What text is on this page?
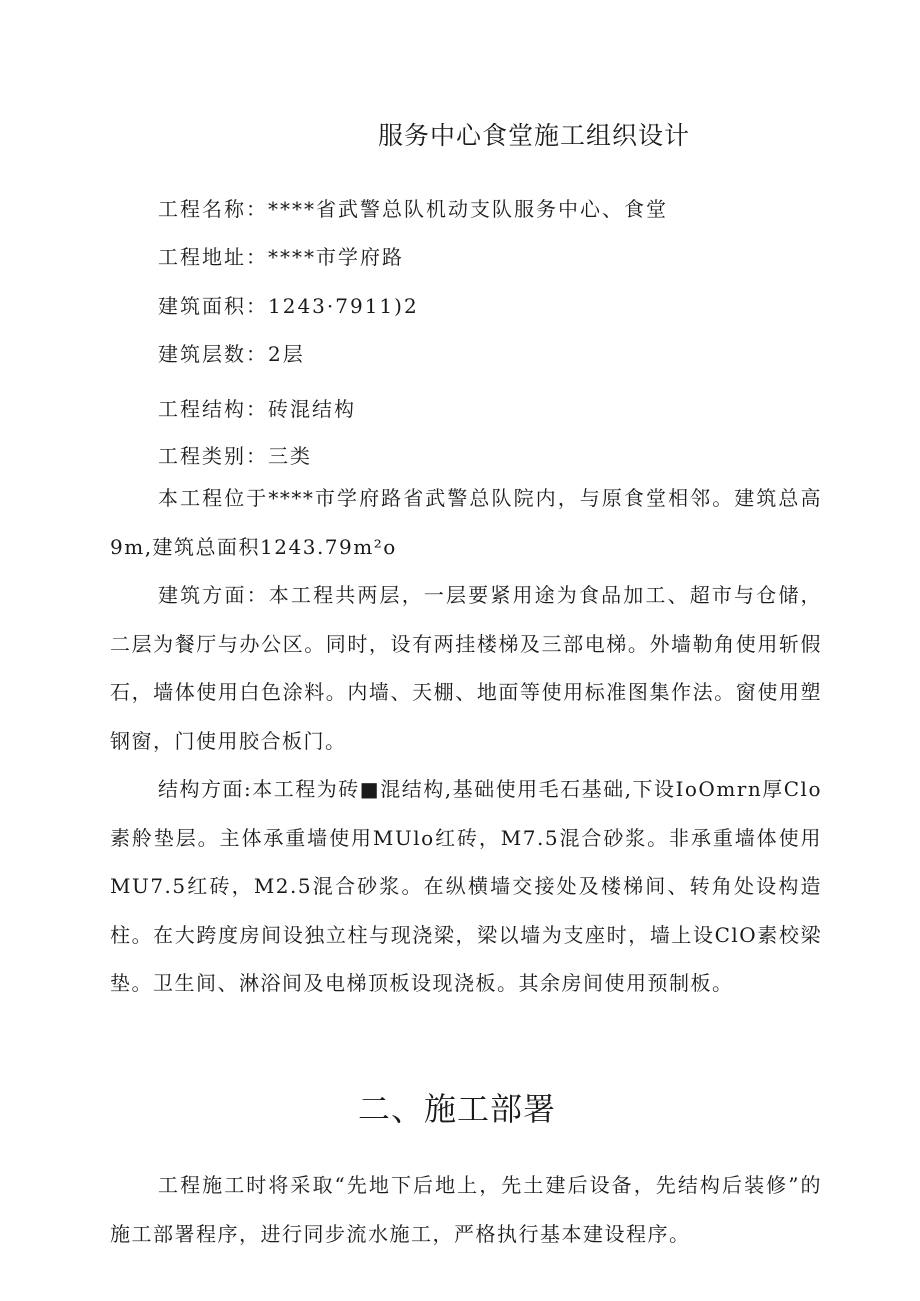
服务中心食堂施工组织设计
工程名称：****省武警总队机动支队服务中心、食堂
工程地址：****市学府路
建筑面积：1243·7911)2
建筑层数：2层
工程结构：砖混结构
工程类别：三类

本工程位于****市学府路省武警总队院内，与原食堂相邻。建筑总高9m,建筑总面积1243.79m²o

建筑方面：本工程共两层，一层要紧用途为食品加工、超市与仓储，二层为餐厅与办公区。同时，设有两挂楼梯及三部电梯。外墙勒角使用斩假石，墙体使用白色涂料。内墙、天棚、地面等使用标准图集作法。窗使用塑钢窗，门使用胶合板门。

结构方面:本工程为砖■混结构,基础使用毛石基础,下设IoOmrn厚Clo素舲垫层。主体承重墙使用MUlo红砖，M7.5混合砂浆。非承重墙体使用MU7.5红砖，M2.5混合砂浆。在纵横墙交接处及楼梯间、转角处设构造柱。在大跨度房间设独立柱与现浇梁，梁以墙为支座时，墙上设ClO素校梁垫。卫生间、淋浴间及电梯顶板设现浇板。其余房间使用预制板。

二、施工部署

工程施工时将采取“先地下后地上，先土建后设备，先结构后装修”的施工部署程序，进行同步流水施工，严格执行基本建设程序。
